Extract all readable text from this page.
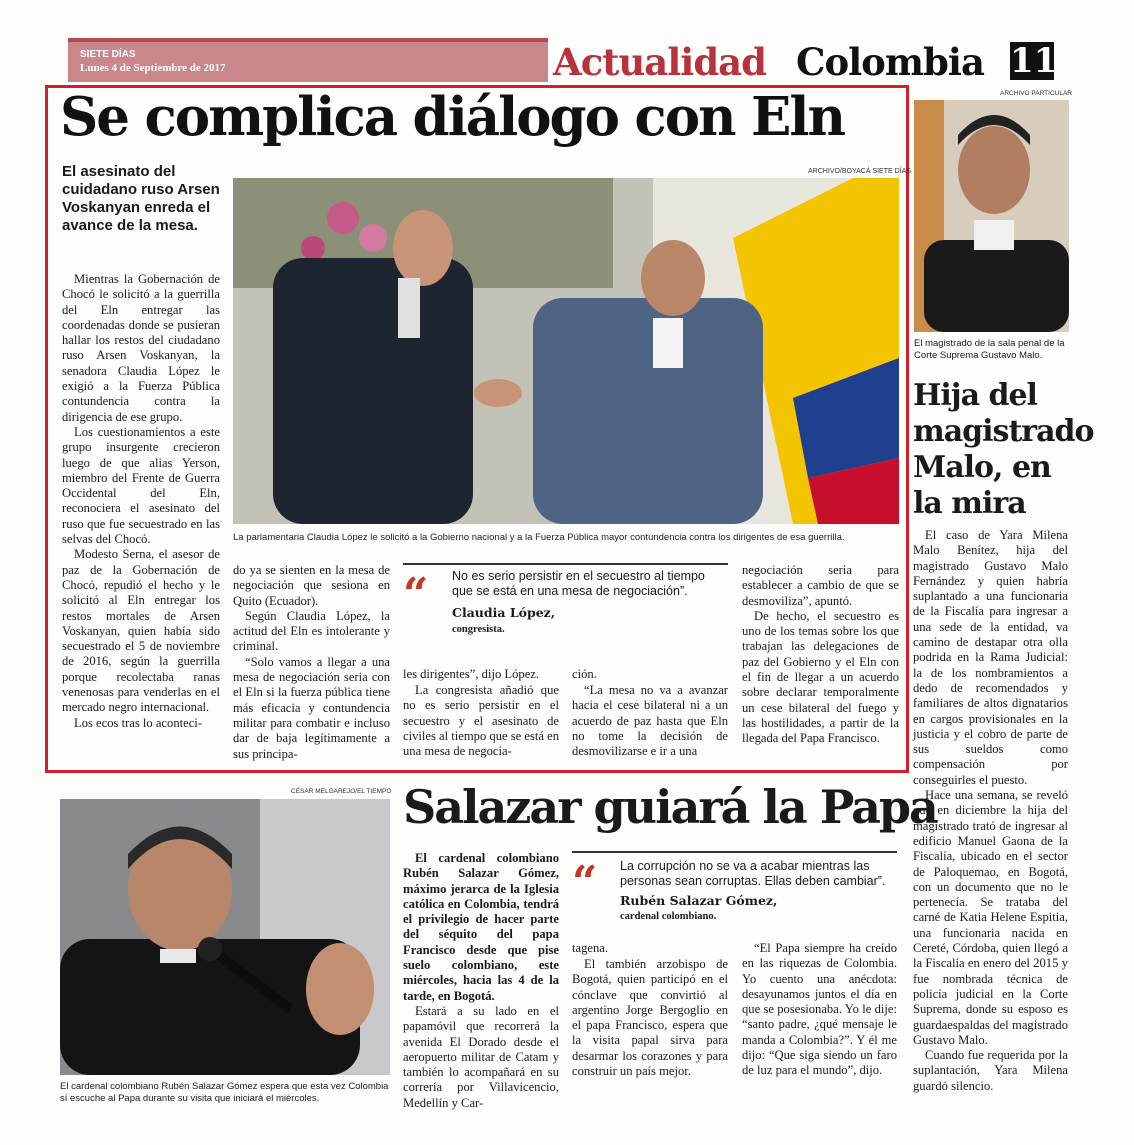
SIETE DÍAS
Lunes 4 de Septiembre de 2017	Actualidad Colombia 11
Se complica diálogo con Eln
El asesinato del cuidadano ruso Arsen Voskanyan enreda el avance de la mesa.
ARCHIVO/BOYACÁ SIETE DÍAS
La parlamentaria Claudia López le solicitó a la Gobierno nacional y a la Fuerza Pública mayor contundencia contra los dirigentes de esa guerrilla.

Mientras la Gobernación de Chocó le solicitó a la guerrilla del Eln entregar las coordenadas donde se pusieran hallar los restos del ciudadano ruso Arsen Voskanyan, la senadora Claudia López le exigió a la Fuerza Pública contundencia contra la dirigencia de ese grupo.

Los cuestionamientos a este grupo insurgente crecieron luego de que alias Yerson, miembro del Frente de Guerra Occidental del Eln, reconociera el asesinato del ruso que fue secuestrado en las selvas del Chocó.

Modesto Serna, el asesor de paz de la Gobernación de Chocó, repudió el hecho y le solicitó al Eln entregar los restos mortales de Arsen Voskanyan, quien había sido secuestrado el 5 de noviembre de 2016, según la guerrilla porque recolectaba ranas venenosas para venderlas en el mercado negro internacional.

Los ecos tras lo aconteci-

do ya se sienten en la mesa de negociación que sesiona en Quito (Ecuador).

Según Claudia López, la actitud del Eln es intolerante y criminal.

“Solo vamos a llegar a una mesa de negociación seria con el Eln si la fuerza pública tiene más eficacia y contundencia militar para combatir e incluso dar de baja legítimamente a sus principa-

“ No es serio persistir en el secuestro al tiempo que se está en una mesa de negociación”.
Claudia López,
congresista.
les dirigentes”, dijo López.

La congresista añadió que no es serio persistir en el secuestro y el asesinato de civiles al tiempo que se está en una mesa de negocia-

ción.

“La mesa no va a avanzar hacia el cese bilateral ni a un acuerdo de paz hasta que Eln no tome la decisión de desmovilizarse e ir a una

negociación seria para establecer a cambio de que se desmoviliza”, apuntó.

De hecho, el secuestro es uno de los temas sobre los que trabajan las delegaciones de paz del Gobierno y el Eln con el fin de llegar a un acuerdo sobre declarar temporalmente un cese bilateral del fuego y las hostilidades, a partir de la llegada del Papa Francisco.

ARCHIVO PARTICULAR
El magistrado de la sala penal de la Corte Suprema Gustavo Malo.
Hija del magistrado Malo, en la mira

El caso de Yara Milena Malo Benítez, hija del magistrado Gustavo Malo Fernández y quien habría suplantado a una funcionaria de la Fiscalía para ingresar a una sede de la entidad, va camino de destapar otra olla podrida en la Rama Judicial: la de los nombramientos a dedo de recomendados y familiares de altos dignatarios en cargos provisionales en la justicia y el cobro de parte de sus sueldos como compensación por conseguirles el puesto.

Hace una semana, se reveló que en diciembre la hija del magistrado trató de ingresar al edificio Manuel Gaona de la Fiscalía, ubicado en el sector de Paloquemao, en Bogotá, con un documento que no le pertenecía. Se trataba del carné de Katia Helene Espitia, una funcionaria nacida en Cereté, Córdoba, quien llegó a la Fiscalía en enero del 2015 y fue nombrada técnica de policía judicial en la Corte Suprema, donde su esposo es guardaespaldas del magistrado Gustavo Malo.

Cuando fue requerida por la suplantación, Yara Milena guardó silencio.

CÉSAR MELGAREJO/EL TIEMPO
El cardenal colombiano Rubén Salazar Gómez espera que esta vez Colombia sí escuche al Papa durante su visita que iniciará el miércoles.
Salazar guiará la Papa

El cardenal colombiano Rubén Salazar Gómez, máximo jerarca de la Iglesia católica en Colombia, tendrá el privilegio de hacer parte del séquito del papa Francisco desde que pise suelo colombiano, este miércoles, hacia las 4 de la tarde, en Bogotá.

Estará a su lado en el papamóvil que recorrerá la avenida El Dorado desde el aeropuerto militar de Catam y también lo acompañará en su correría por Villavicencio, Medellín y Car-

“ La corrupción no se va a acabar mientras las personas sean corruptas. Ellas deben cambiar”.
Rubén Salazar Gómez,
cardenal colombiano.
tagena.

El también arzobispo de Bogotá, quien participó en el cónclave que convirtió al argentino Jorge Bergoglio en el papa Francisco, espera que la visita papal sirva para desarmar los corazones y para construir un país mejor.

“El Papa siempre ha creído en las riquezas de Colombia. Yo cuento una anécdota: desayunamos juntos el día en que se posesionaba. Yo le dije: “santo padre, ¿qué mensaje le manda a Colombia?”. Y él me dijo: “Que siga siendo un faro de luz para el mundo”, dijo.
